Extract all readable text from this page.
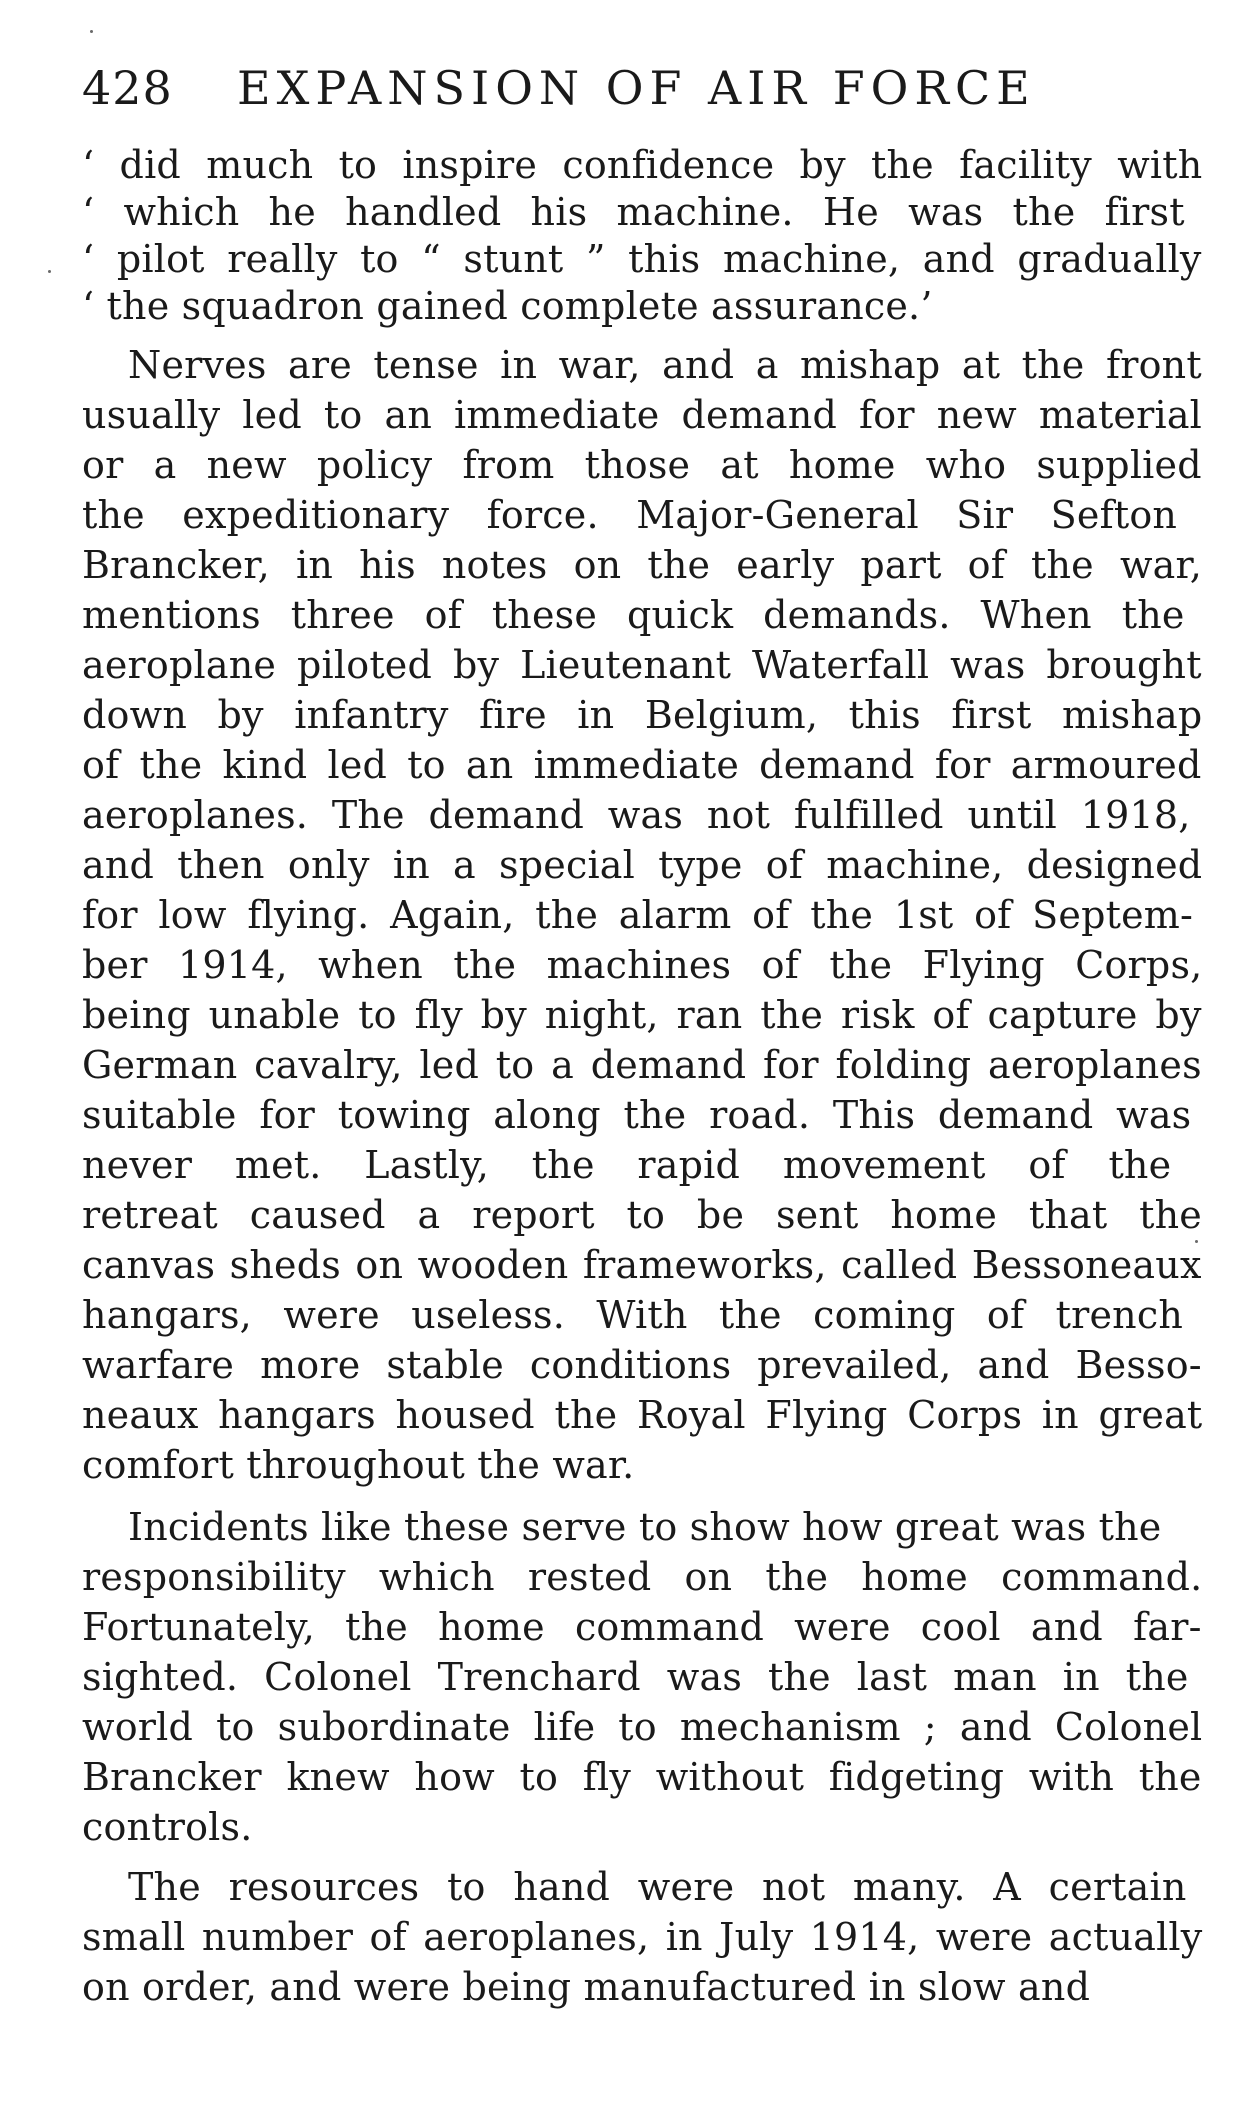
428 EXPANSION OF AIR FORCE
‘ did much to inspire confidence by the facility with
‘ which he handled his machine. He was the first
‘ pilot really to “ stunt ” this machine, and gradually
‘ the squadron gained complete assurance.’
Nerves are tense in war, and a mishap at the front
usually led to an immediate demand for new material
or a new policy from those at home who supplied
the expeditionary force. Major-General Sir Sefton
Brancker, in his notes on the early part of the war,
mentions three of these quick demands. When the
aeroplane piloted by Lieutenant Waterfall was brought
down by infantry fire in Belgium, this first mishap
of the kind led to an immediate demand for armoured
aeroplanes. The demand was not fulfilled until 1918,
and then only in a special type of machine, designed
for low flying. Again, the alarm of the 1st of Septem-
ber 1914, when the machines of the Flying Corps,
being unable to fly by night, ran the risk of capture by
German cavalry, led to a demand for folding aeroplanes
suitable for towing along the road. This demand was
never met. Lastly, the rapid movement of the
retreat caused a report to be sent home that the
canvas sheds on wooden frameworks, called Bessoneaux
hangars, were useless. With the coming of trench
warfare more stable conditions prevailed, and Besso-
neaux hangars housed the Royal Flying Corps in great
comfort throughout the war.
Incidents like these serve to show how great was the
responsibility which rested on the home command.
Fortunately, the home command were cool and far-
sighted. Colonel Trenchard was the last man in the
world to subordinate life to mechanism ; and Colonel
Brancker knew how to fly without fidgeting with the
controls.
The resources to hand were not many. A certain
small number of aeroplanes, in July 1914, were actually
on order, and were being manufactured in slow and
